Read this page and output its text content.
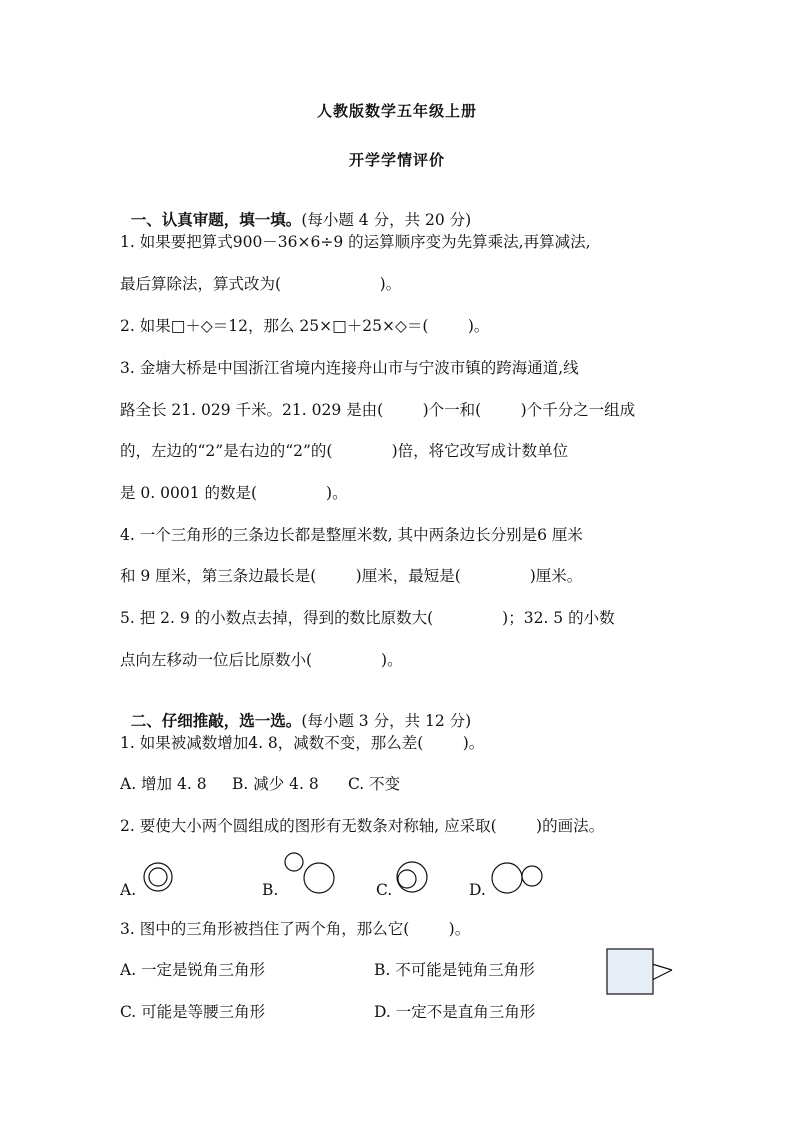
人教版数学五年级上册
开学学情评价

一、认真审题，填一填。(每小题 4 分，共 20 分)

1. 如果要把算式900－36×6÷9 的运算顺序变为先算乘法,再算减法,
最后算除法，算式改为(                    )。
2. 如果□＋◇＝12，那么 25×□＋25×◇＝(        )。
3. 金塘大桥是中国浙江省境内连接舟山市与宁波市镇的跨海通道,线
路全长 21. 029 千米。21. 029 是由(        )个一和(        )个千分之一组成
的，左边的“2”是右边的“2”的(            )倍，将它改写成计数单位
是 0. 0001 的数是(              )。
4. 一个三角形的三条边长都是整厘米数, 其中两条边长分别是6 厘米
和 9 厘米，第三条边最长是(        )厘米，最短是(              )厘米。
5. 把 2. 9 的小数点去掉，得到的数比原数大(              )；32. 5 的小数
点向左移动一位后比原数小(              )。

二、仔细推敲，选一选。(每小题 3 分，共 12 分)

1. 如果被减数增加4. 8，减数不变，那么差(        )。
A. 增加 4. 8 B. 减少 4. 8 C. 不变
2. 要使大小两个圆组成的图形有无数条对称轴, 应采取(        )的画法。
A.	B.	C.	D.
3. 图中的三角形被挡住了两个角，那么它(        )。
A. 一定是锐角三角形	B. 不可能是钝角三角形
C. 可能是等腰三角形	D. 一定不是直角三角形
